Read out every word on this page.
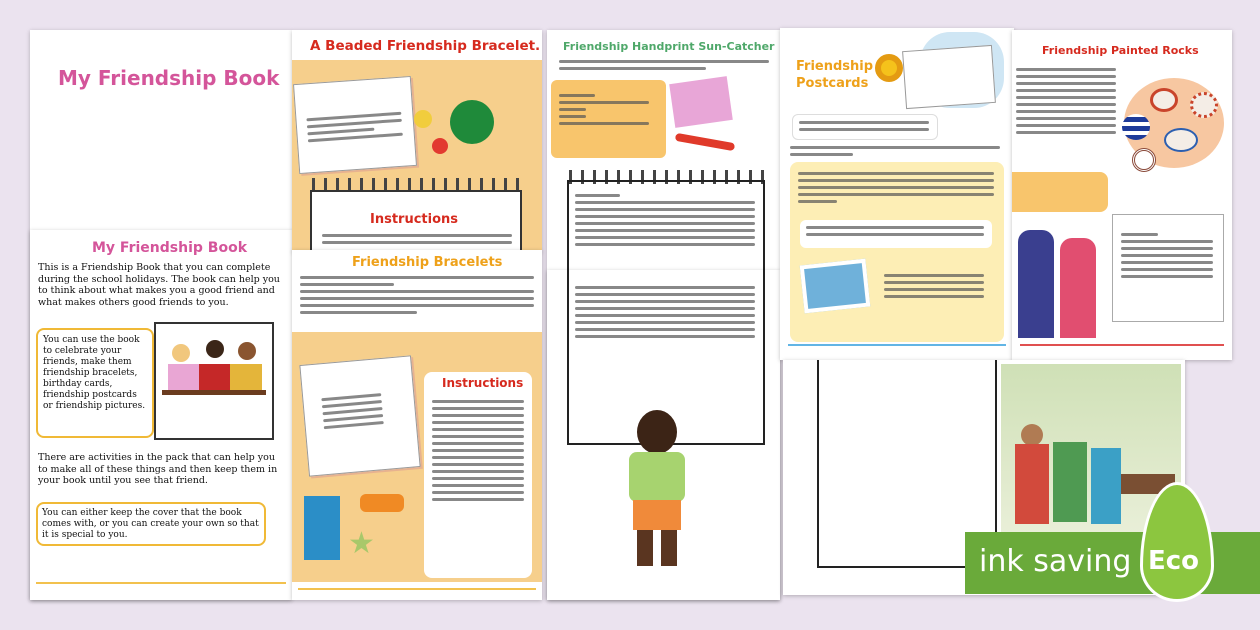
My Friendship Book
My Friendship Book
This is a Friendship Book that you can complete during the school holidays. The book can help you to think about what makes you a good friend and what makes others good friends to you.
You can use the book to celebrate your friends, make them friendship bracelets, birthday cards, friendship postcards or friendship pictures.
There are activities in the pack that can help you to make all of these things and then keep them in your book until you see that friend.
You can either keep the cover that the book comes with, or you can create your own so that it is special to you.
A Beaded Friendship Bracelet.
Instructions
Friendship Bracelets
★
Instructions
Friendship Handprint Sun-Catcher
Friendship
Postcards
Friendship Painted Rocks
ink saving Eco
